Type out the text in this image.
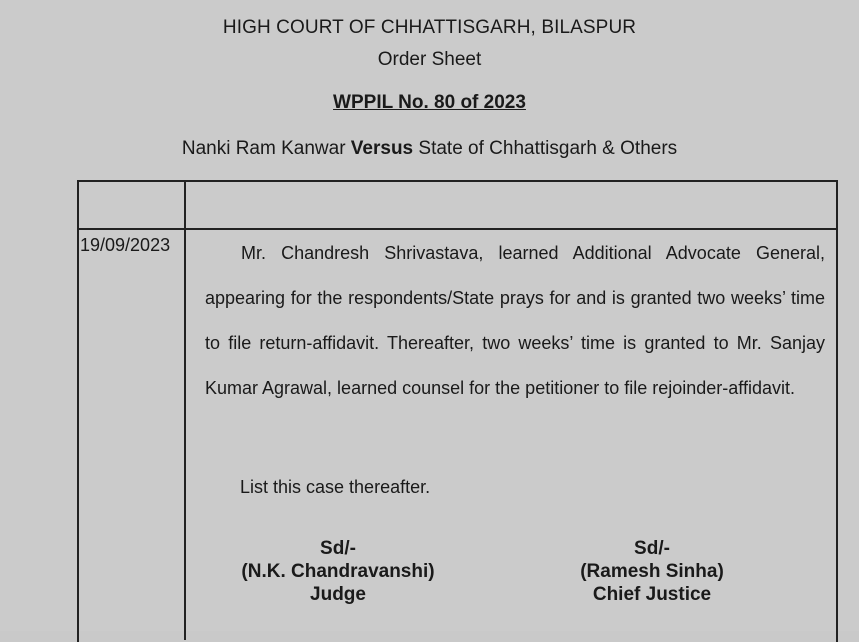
HIGH COURT OF CHHATTISGARH, BILASPUR
Order Sheet
WPPIL No. 80 of 2023
Nanki Ram Kanwar Versus State of Chhattisgarh & Others
19/09/2023	Mr. Chandresh Shrivastava, learned Additional Advocate General, appearing for the respondents/State prays for and is granted two weeks’ time to file return-affidavit. Thereafter, two weeks’ time is granted to Mr. Sanjay Kumar Agrawal, learned counsel for the petitioner to file rejoinder-affidavit.
List this case thereafter.
Sd/-
(N.K. Chandravanshi)
Judge
Sd/-
(Ramesh Sinha)
Chief Justice
